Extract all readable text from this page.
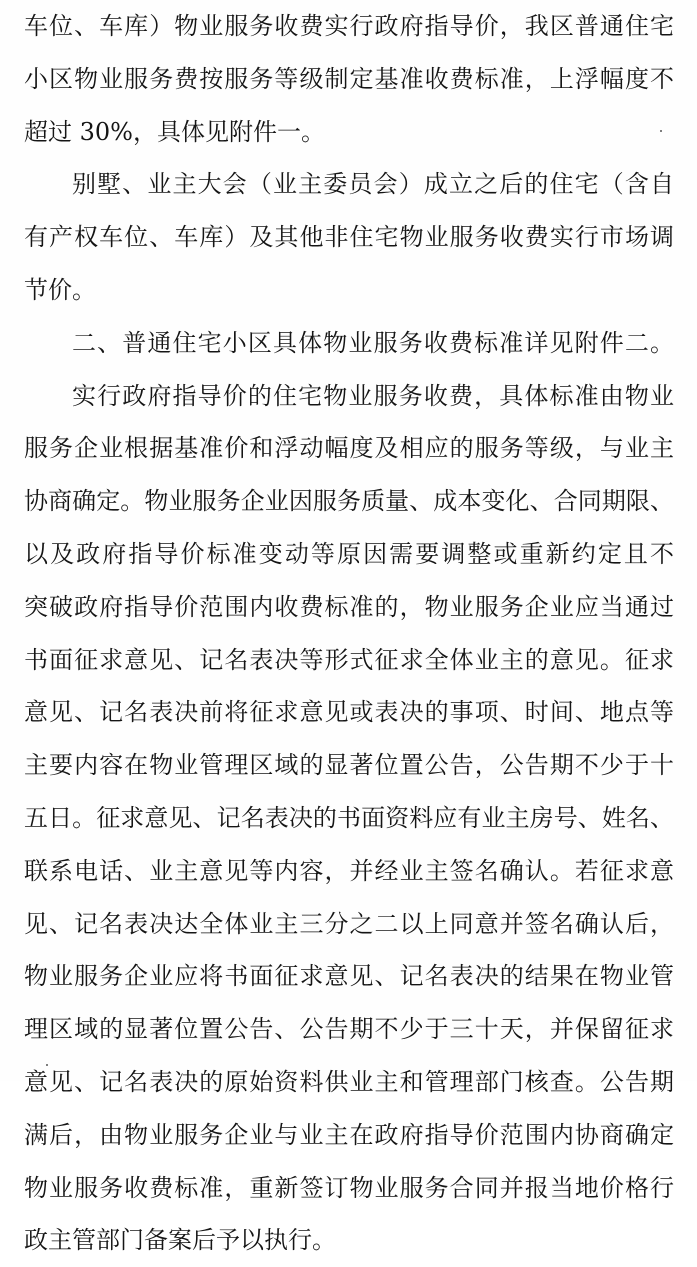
车位、车库）物业服务收费实行政府指导价，我区普通住宅
小区物业服务费按服务等级制定基准收费标准，上浮幅度不
超过 30%，具体见附件一。
别墅、业主大会（业主委员会）成立之后的住宅（含自
有产权车位、车库）及其他非住宅物业服务收费实行市场调
节价。
二、普通住宅小区具体物业服务收费标准详见附件二。
实行政府指导价的住宅物业服务收费，具体标准由物业
服务企业根据基准价和浮动幅度及相应的服务等级，与业主
协商确定。物业服务企业因服务质量、成本变化、合同期限、
以及政府指导价标准变动等原因需要调整或重新约定且不
突破政府指导价范围内收费标准的，物业服务企业应当通过
书面征求意见、记名表决等形式征求全体业主的意见。征求
意见、记名表决前将征求意见或表决的事项、时间、地点等
主要内容在物业管理区域的显著位置公告，公告期不少于十
五日。征求意见、记名表决的书面资料应有业主房号、姓名、
联系电话、业主意见等内容，并经业主签名确认。若征求意
见、记名表决达全体业主三分之二以上同意并签名确认后，
物业服务企业应将书面征求意见、记名表决的结果在物业管
理区域的显著位置公告、公告期不少于三十天，并保留征求
意见、记名表决的原始资料供业主和管理部门核查。公告期
满后，由物业服务企业与业主在政府指导价范围内协商确定
物业服务收费标准，重新签订物业服务合同并报当地价格行
政主管部门备案后予以执行。
